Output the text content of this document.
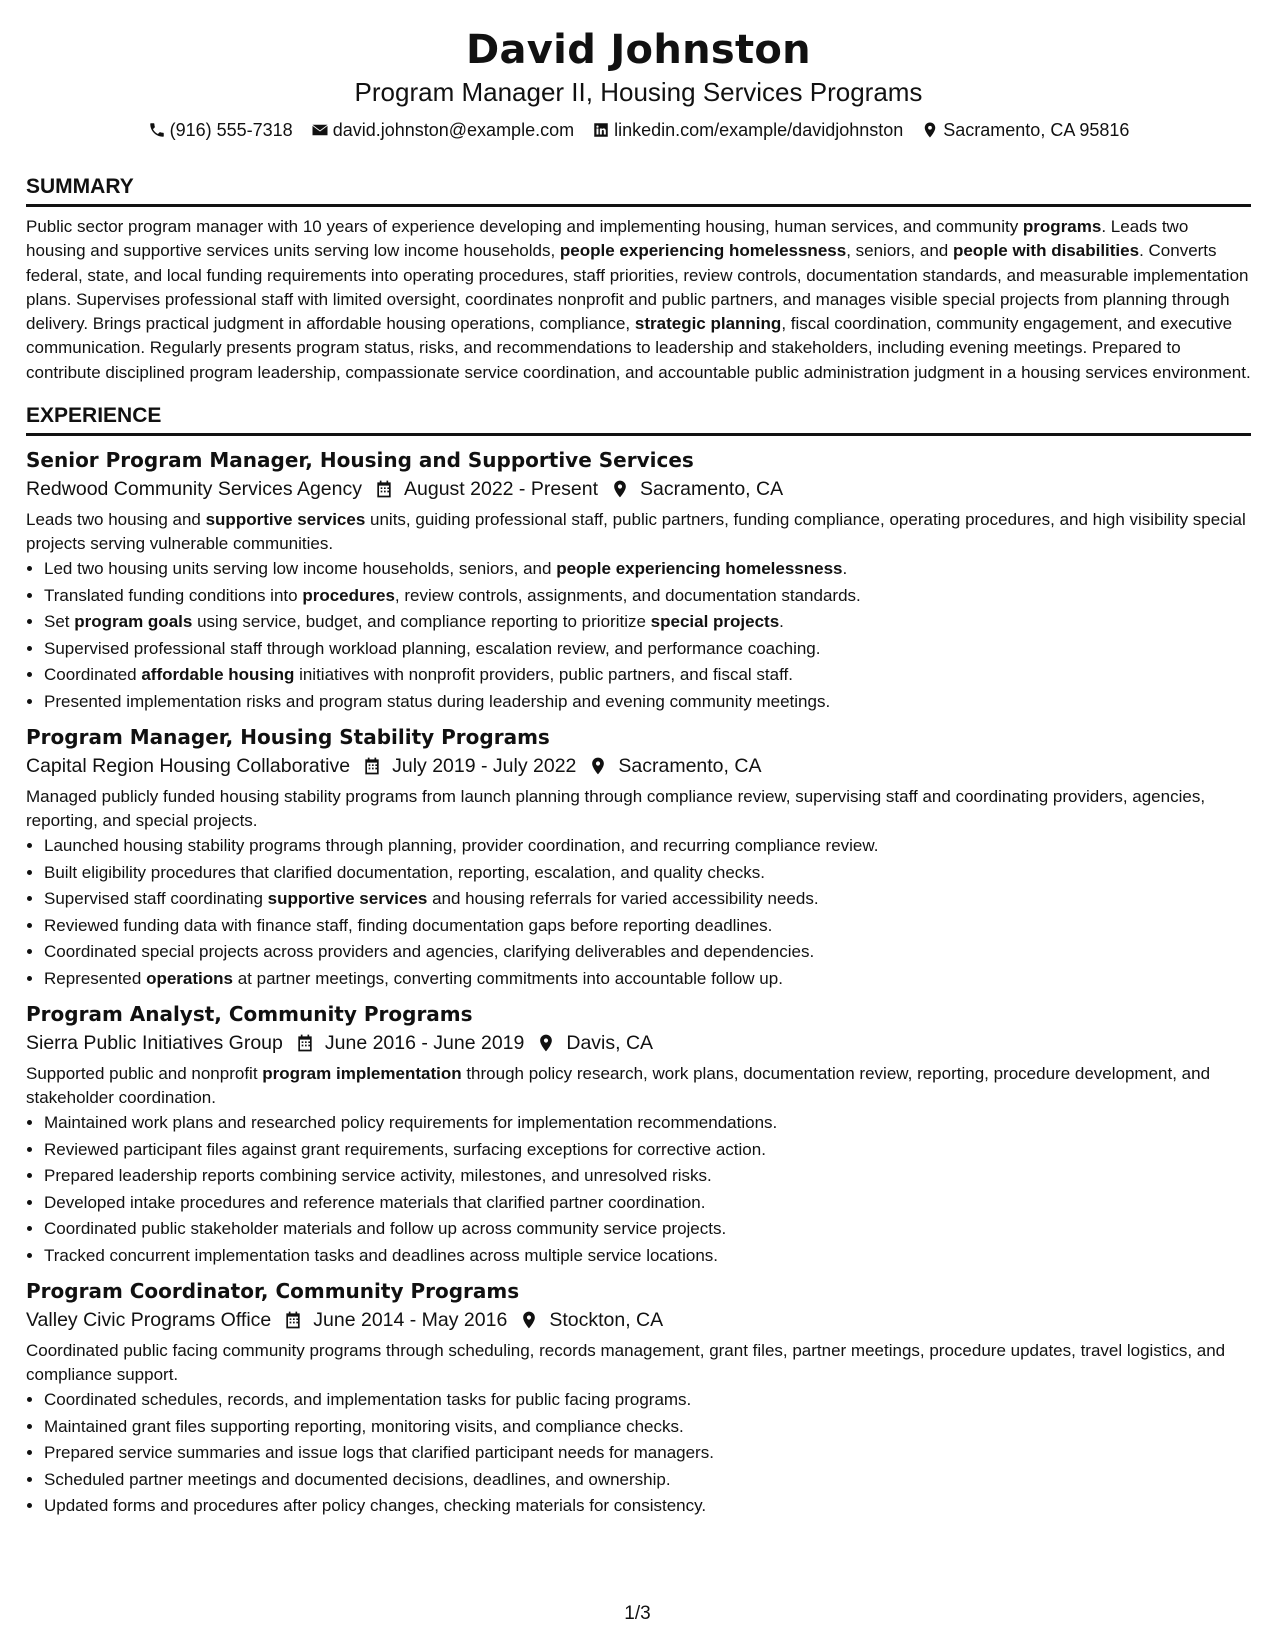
David Johnston
Program Manager II, Housing Services Programs
(916) 555-7318 david.johnston@example.com linkedin.com/example/davidjohnston Sacramento, CA 95816
SUMMARY
Public sector program manager with 10 years of experience developing and implementing housing, human services, and community programs. Leads two housing and supportive services units serving low income households, people experiencing homelessness, seniors, and people with disabilities. Converts federal, state, and local funding requirements into operating procedures, staff priorities, review controls, documentation standards, and measurable implementation plans. Supervises professional staff with limited oversight, coordinates nonprofit and public partners, and manages visible special projects from planning through delivery. Brings practical judgment in affordable housing operations, compliance, strategic planning, fiscal coordination, community engagement, and executive communication. Regularly presents program status, risks, and recommendations to leadership and stakeholders, including evening meetings. Prepared to contribute disciplined program leadership, compassionate service coordination, and accountable public administration judgment in a housing services environment.
EXPERIENCE
Senior Program Manager, Housing and Supportive Services
Redwood Community Services Agency August 2022 - Present Sacramento, CA
Leads two housing and supportive services units, guiding professional staff, public partners, funding compliance, operating procedures, and high visibility special projects serving vulnerable communities.
• Led two housing units serving low income households, seniors, and people experiencing homelessness.
• Translated funding conditions into procedures, review controls, assignments, and documentation standards.
• Set program goals using service, budget, and compliance reporting to prioritize special projects.
• Supervised professional staff through workload planning, escalation review, and performance coaching.
• Coordinated affordable housing initiatives with nonprofit providers, public partners, and fiscal staff.
• Presented implementation risks and program status during leadership and evening community meetings.
Program Manager, Housing Stability Programs
Capital Region Housing Collaborative July 2019 - July 2022 Sacramento, CA
Managed publicly funded housing stability programs from launch planning through compliance review, supervising staff and coordinating providers, agencies, reporting, and special projects.
• Launched housing stability programs through planning, provider coordination, and recurring compliance review.
• Built eligibility procedures that clarified documentation, reporting, escalation, and quality checks.
• Supervised staff coordinating supportive services and housing referrals for varied accessibility needs.
• Reviewed funding data with finance staff, finding documentation gaps before reporting deadlines.
• Coordinated special projects across providers and agencies, clarifying deliverables and dependencies.
• Represented operations at partner meetings, converting commitments into accountable follow up.
Program Analyst, Community Programs
Sierra Public Initiatives Group June 2016 - June 2019 Davis, CA
Supported public and nonprofit program implementation through policy research, work plans, documentation review, reporting, procedure development, and stakeholder coordination.
• Maintained work plans and researched policy requirements for implementation recommendations.
• Reviewed participant files against grant requirements, surfacing exceptions for corrective action.
• Prepared leadership reports combining service activity, milestones, and unresolved risks.
• Developed intake procedures and reference materials that clarified partner coordination.
• Coordinated public stakeholder materials and follow up across community service projects.
• Tracked concurrent implementation tasks and deadlines across multiple service locations.
Program Coordinator, Community Programs
Valley Civic Programs Office June 2014 - May 2016 Stockton, CA
Coordinated public facing community programs through scheduling, records management, grant files, partner meetings, procedure updates, travel logistics, and compliance support.
• Coordinated schedules, records, and implementation tasks for public facing programs.
• Maintained grant files supporting reporting, monitoring visits, and compliance checks.
• Prepared service summaries and issue logs that clarified participant needs for managers.
• Scheduled partner meetings and documented decisions, deadlines, and ownership.
• Updated forms and procedures after policy changes, checking materials for consistency.
1/3
